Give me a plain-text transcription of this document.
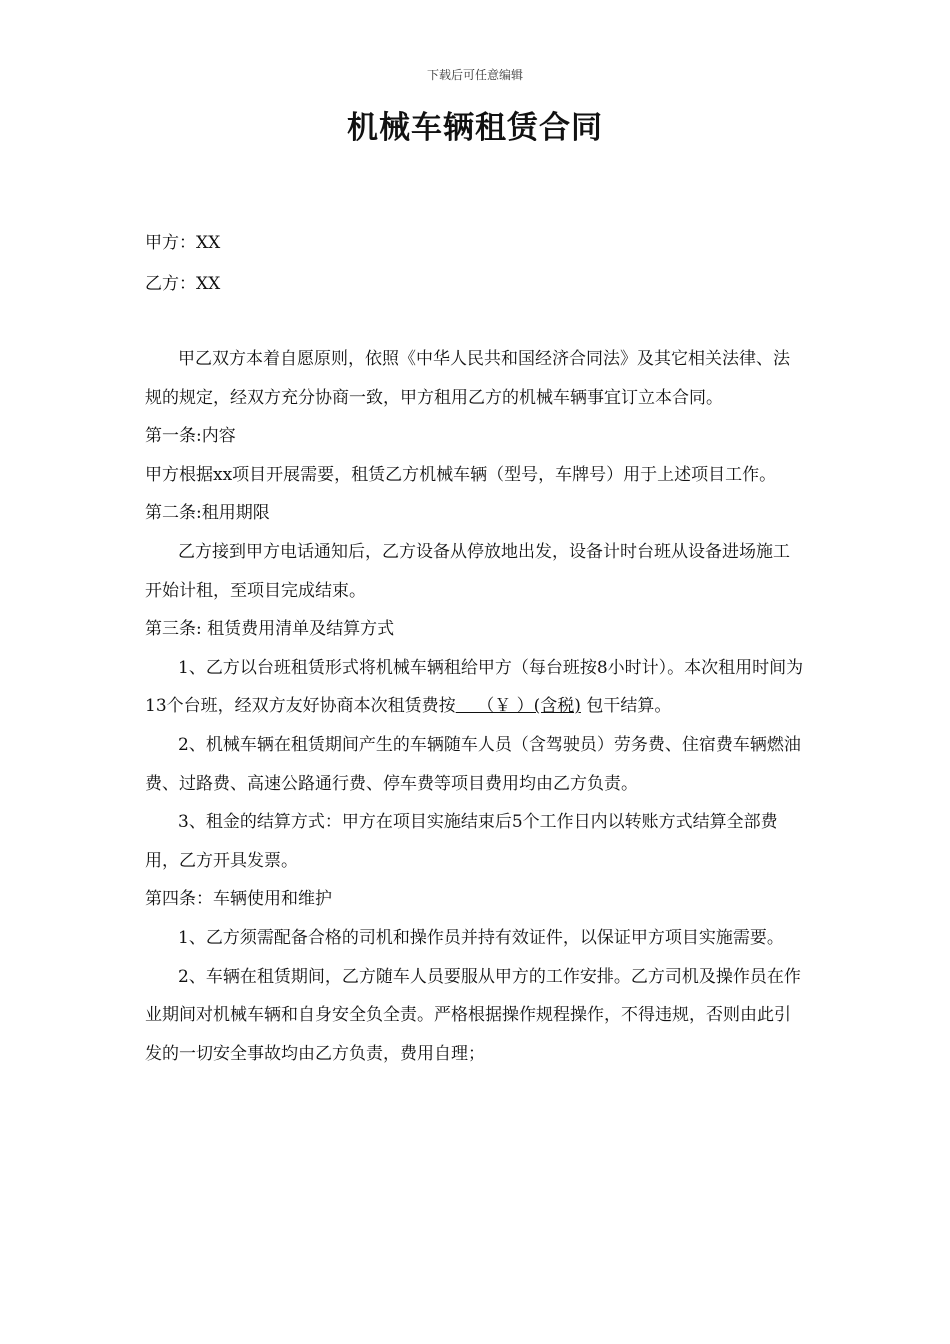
下载后可任意编辑
机械车辆租赁合同
甲方：XX
乙方：XX

甲乙双方本着自愿原则，依照《中华人民共和国经济合同法》及其它相关法律、法规的规定，经双方充分协商一致，甲方租用乙方的机械车辆事宜订立本合同。

第一条:内容

甲方根据xx项目开展需要，租赁乙方机械车辆（型号，车牌号）用于上述项目工作。

第二条:租用期限

乙方接到甲方电话通知后，乙方设备从停放地出发，设备计时台班从设备进场施工开始计租，至项目完成结束。

第三条: 租赁费用清单及结算方式

1、乙方以台班租赁形式将机械车辆租给甲方（每台班按8小时计）。本次租用时间为13个台班，经双方友好协商本次租赁费按    （￥ ）(含税) 包干结算。

2、机械车辆在租赁期间产生的车辆随车人员（含驾驶员）劳务费、住宿费车辆燃油费、过路费、高速公路通行费、停车费等项目费用均由乙方负责。

3、租金的结算方式：甲方在项目实施结束后5个工作日内以转账方式结算全部费用，乙方开具发票。

第四条：车辆使用和维护

1、乙方须需配备合格的司机和操作员并持有效证件，以保证甲方项目实施需要。

2、车辆在租赁期间，乙方随车人员要服从甲方的工作安排。乙方司机及操作员在作业期间对机械车辆和自身安全负全责。严格根据操作规程操作，不得违规，否则由此引发的一切安全事故均由乙方负责，费用自理；
